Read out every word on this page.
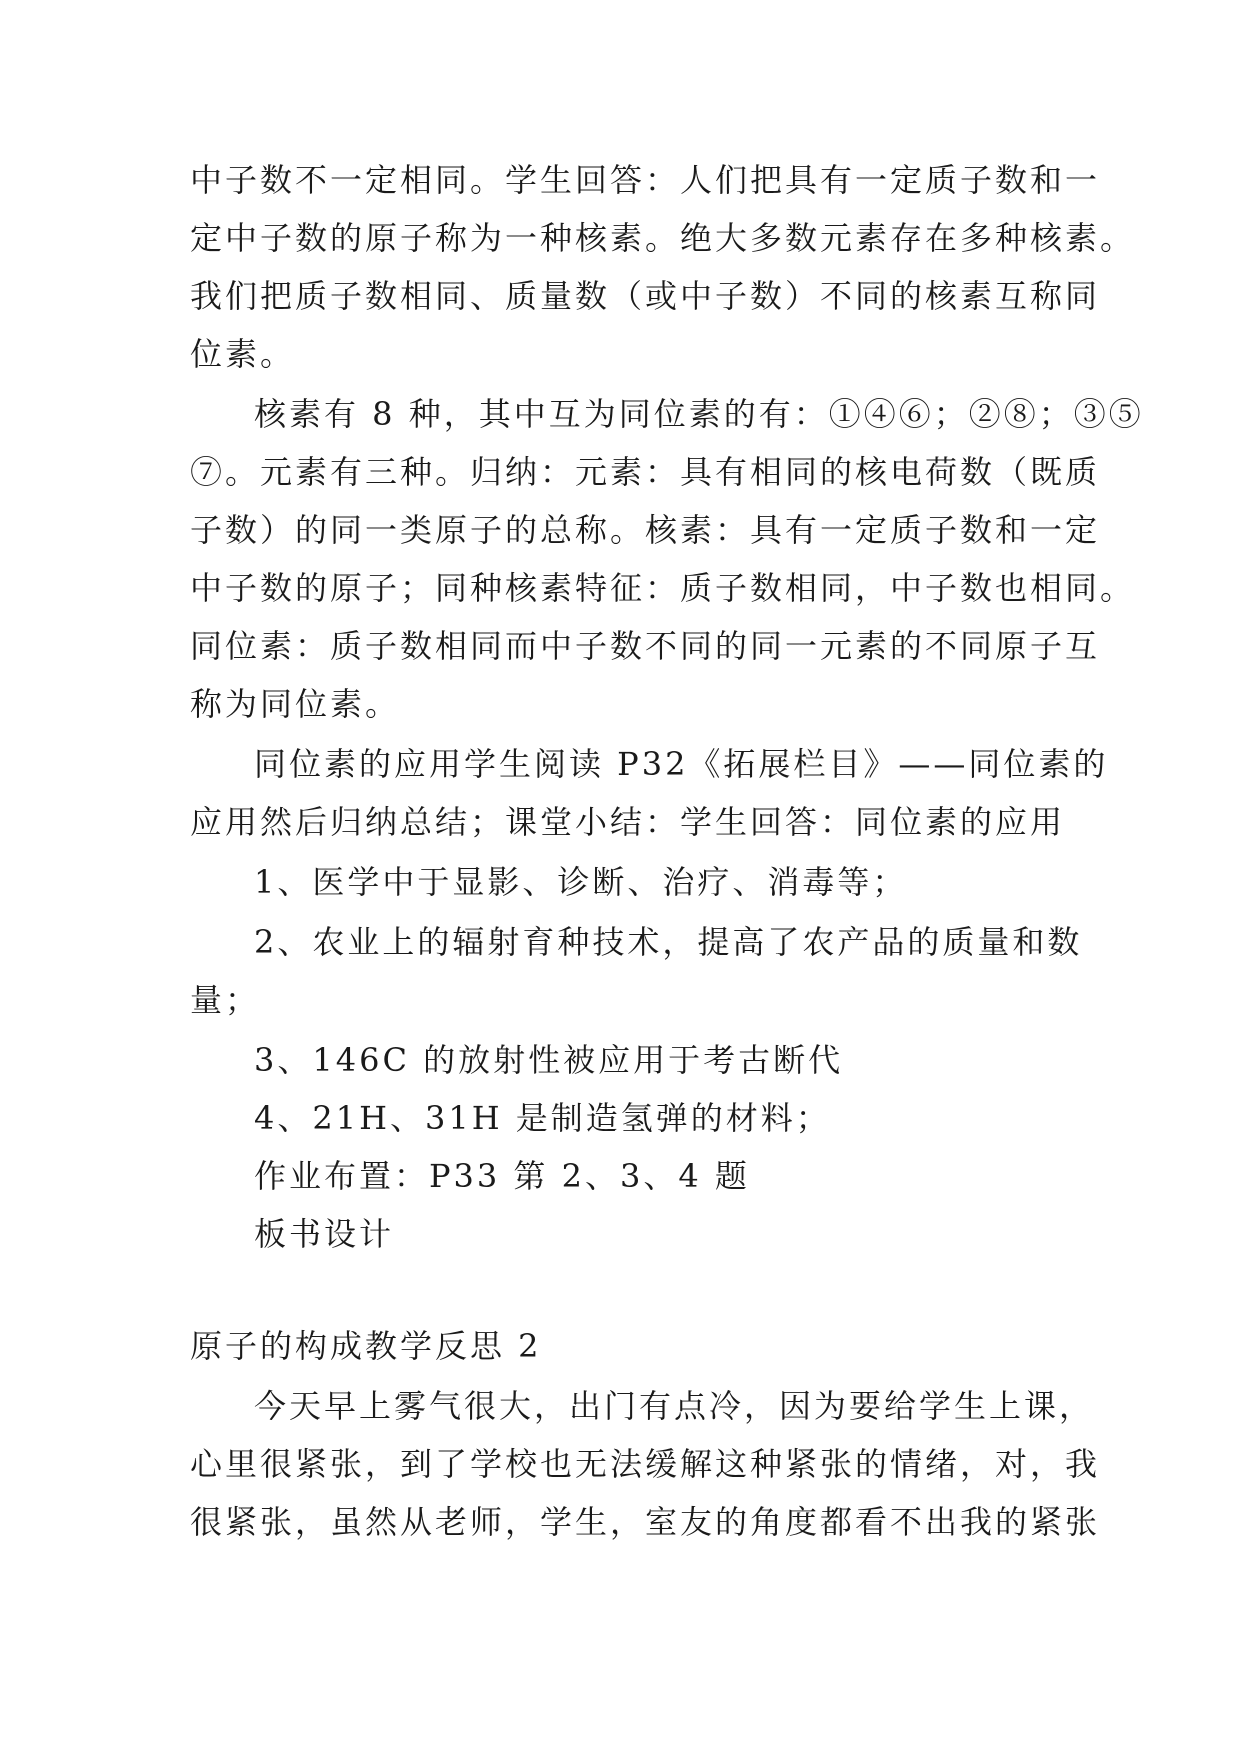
中子数不一定相同。学生回答：人们把具有一定质子数和一

定中子数的原子称为一种核素。绝大多数元素存在多种核素。

我们把质子数相同、质量数（或中子数）不同的核素互称同

位素。

核素有 8 种，其中互为同位素的有：①④⑥；②⑧；③⑤

⑦。元素有三种。归纳：元素：具有相同的核电荷数（既质

子数）的同一类原子的总称。核素：具有一定质子数和一定

中子数的原子；同种核素特征：质子数相同，中子数也相同。

同位素：质子数相同而中子数不同的同一元素的不同原子互

称为同位素。

同位素的应用学生阅读 P32《拓展栏目》——同位素的

应用然后归纳总结；课堂小结：学生回答：同位素的应用

1、医学中于显影、诊断、治疗、消毒等；

2、农业上的辐射育种技术，提高了农产品的质量和数

量；

3、146C 的放射性被应用于考古断代

4、21H、31H 是制造氢弹的材料；

作业布置：P33 第 2、3、4 题

板书设计

原子的构成教学反思 2

今天早上雾气很大，出门有点冷，因为要给学生上课，

心里很紧张，到了学校也无法缓解这种紧张的情绪，对，我

很紧张，虽然从老师，学生，室友的角度都看不出我的紧张
